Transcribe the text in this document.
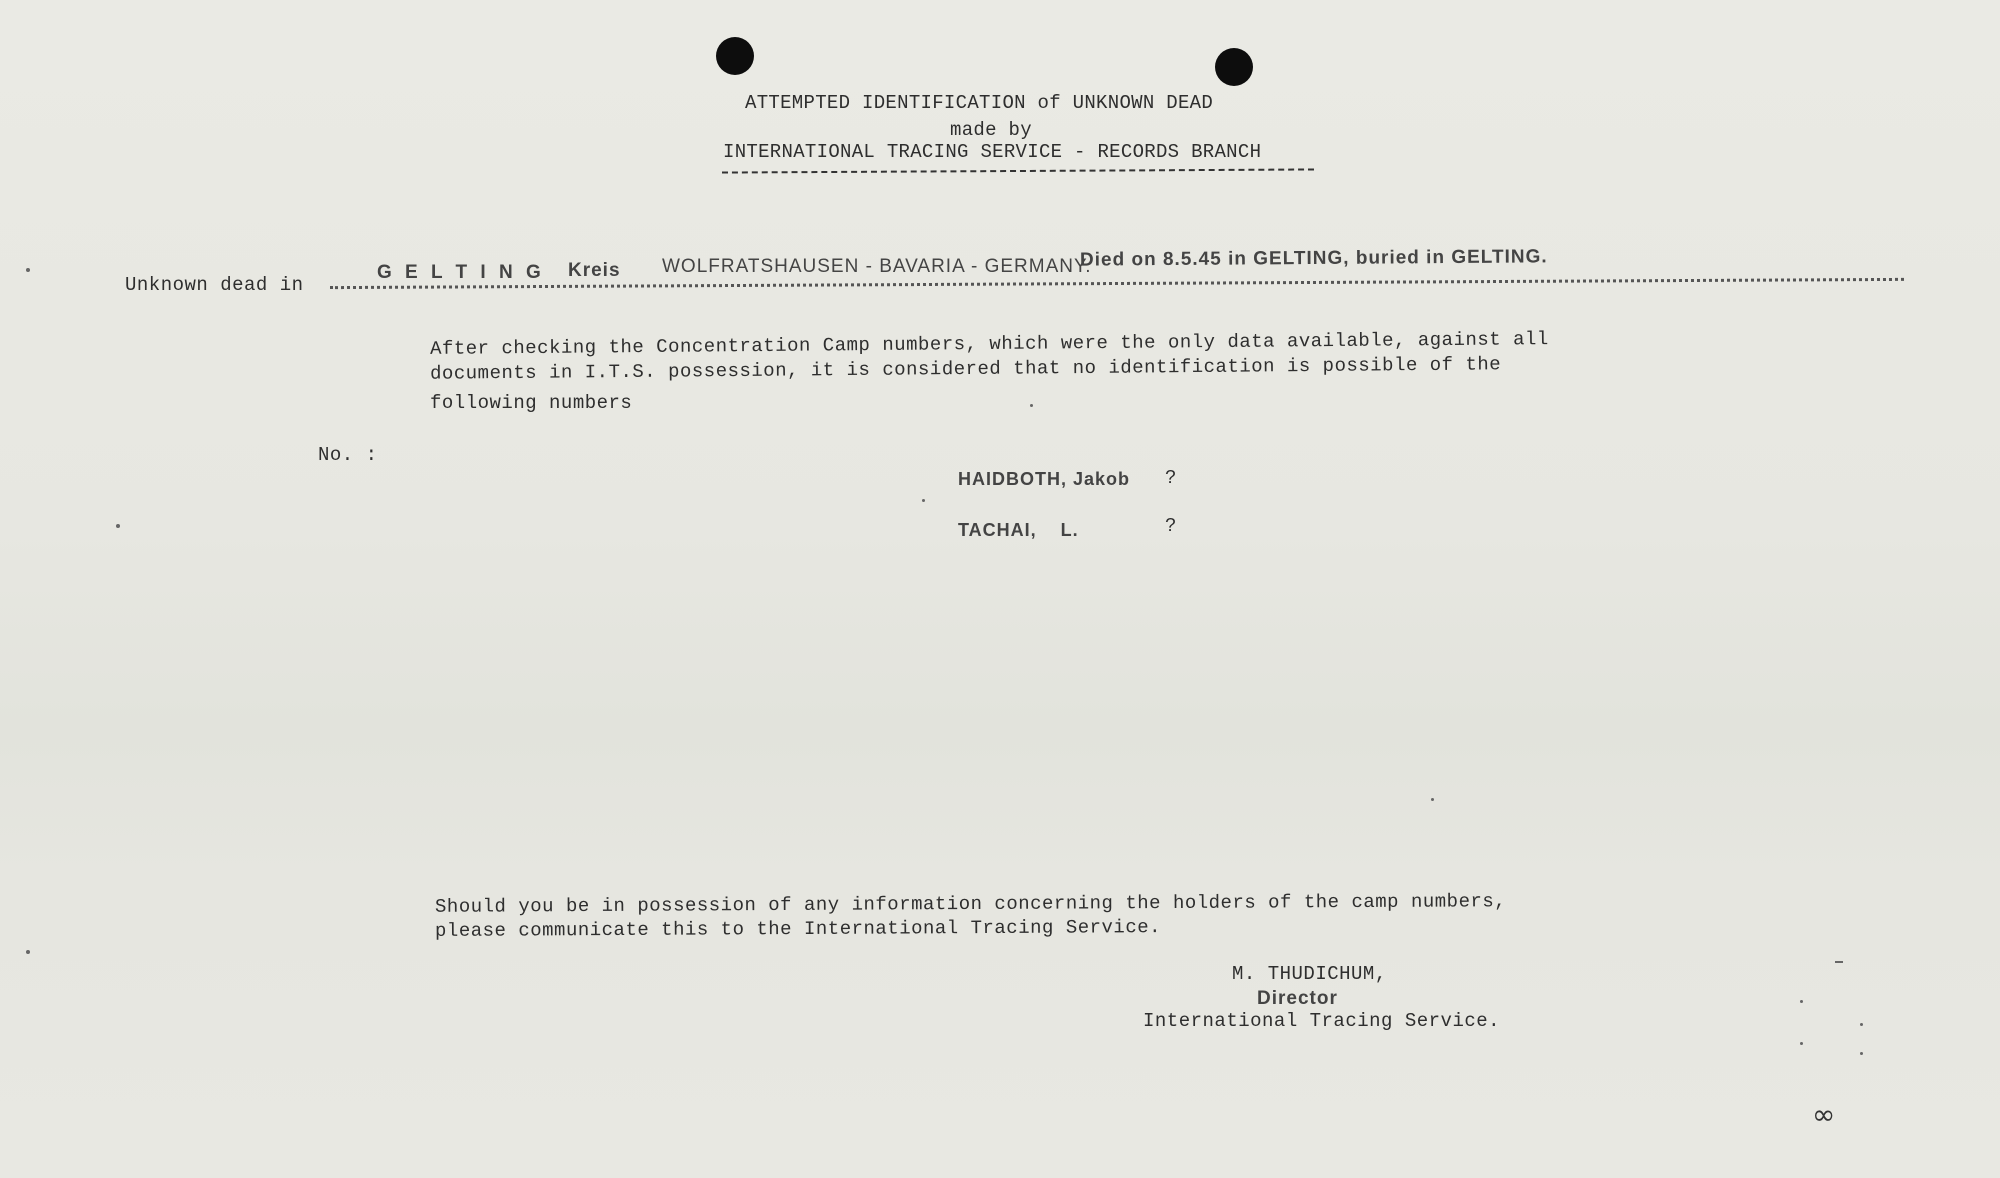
ATTEMPTED IDENTIFICATION of UNKNOWN DEAD
made by
INTERNATIONAL TRACING SERVICE - RECORDS BRANCH
Unknown dead in
G E L T I N G Kreis WOLFRATSHAUSEN - BAVARIA - GERMANY.
Died on 8.5.45 in GELTING, buried in GELTING.
After checking the Concentration Camp numbers, which were the only data available, against all
documents in I.T.S. possession, it is considered that no identification is possible of the
following numbers
No. :
HAIDBOTH, Jakob ?
TACHAI,    L.	?
Should you be in possession of any information concerning the holders of the camp numbers,
please communicate this to the International Tracing Service.
M. THUDICHUM,
Director
International Tracing Service.
∞
